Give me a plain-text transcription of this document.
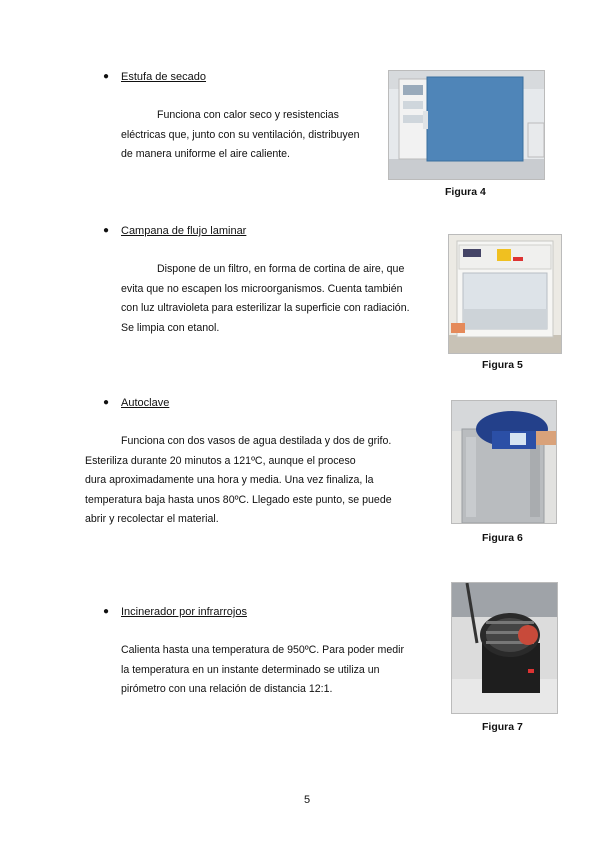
● Estufa de secado
Funciona con calor seco y resistencias
eléctricas que, junto con su ventilación, distribuyen
de manera uniforme el aire caliente.
Figura 4
● Campana de flujo laminar
Dispone de un filtro, en forma de cortina de aire, que
evita que no escapen los microorganismos. Cuenta también
con luz ultravioleta para esterilizar la superficie con radiación.
Se limpia con etanol.
Figura 5
● Autoclave
Funciona con dos vasos de agua destilada y dos de grifo.
Esteriliza durante 20 minutos a 121ºC, aunque el proceso
dura aproximadamente una hora y media. Una vez finaliza, la
temperatura baja hasta unos 80ºC. Llegado este punto, se puede
abrir y recolectar el material.
Figura 6
● Incinerador por infrarrojos
Calienta hasta una temperatura de 950ºC. Para poder medir
la temperatura en un instante determinado se utiliza un
pirómetro con una relación de distancia 12:1.
Figura 7
5
